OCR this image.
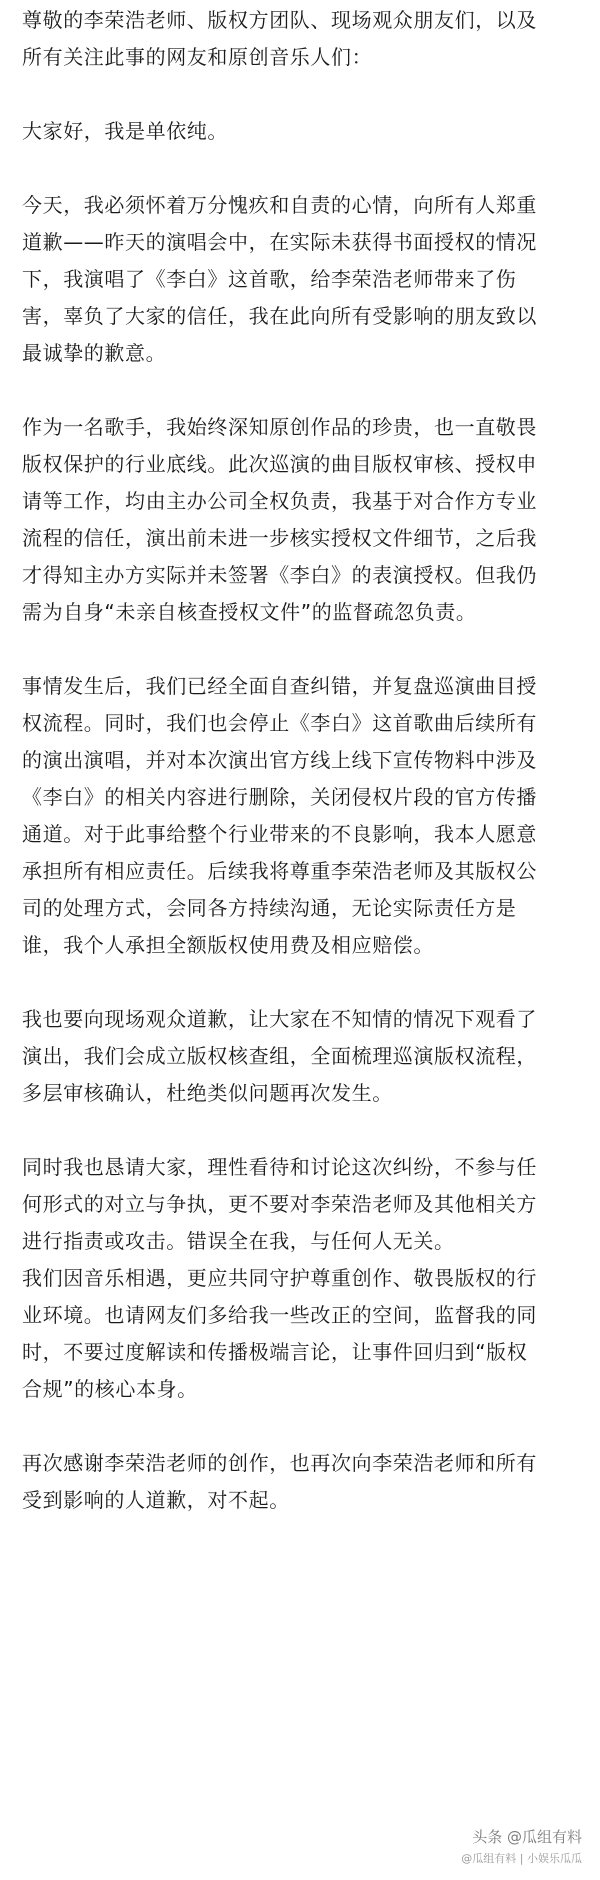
尊敬的李荣浩老师、版权方团队、现场观众朋友们，以及
所有关注此事的网友和原创音乐人们：
大家好，我是单依纯。
今天，我必须怀着万分愧疚和自责的心情，向所有人郑重
道歉——昨天的演唱会中，在实际未获得书面授权的情况
下，我演唱了《李白》这首歌，给李荣浩老师带来了伤
害，辜负了大家的信任，我在此向所有受影响的朋友致以
最诚挚的歉意。
作为一名歌手，我始终深知原创作品的珍贵，也一直敬畏
版权保护的行业底线。此次巡演的曲目版权审核、授权申
请等工作，均由主办公司全权负责，我基于对合作方专业
流程的信任，演出前未进一步核实授权文件细节，之后我
才得知主办方实际并未签署《李白》的表演授权。但我仍
需为自身“未亲自核查授权文件”的监督疏忽负责。
事情发生后，我们已经全面自查纠错，并复盘巡演曲目授
权流程。同时，我们也会停止《李白》这首歌曲后续所有
的演出演唱，并对本次演出官方线上线下宣传物料中涉及
《李白》的相关内容进行删除，关闭侵权片段的官方传播
通道。对于此事给整个行业带来的不良影响，我本人愿意
承担所有相应责任。后续我将尊重李荣浩老师及其版权公
司的处理方式，会同各方持续沟通，无论实际责任方是
谁，我个人承担全额版权使用费及相应赔偿。
我也要向现场观众道歉，让大家在不知情的情况下观看了
演出，我们会成立版权核查组，全面梳理巡演版权流程，
多层审核确认，杜绝类似问题再次发生。
同时我也恳请大家，理性看待和讨论这次纠纷，不参与任
何形式的对立与争执，更不要对李荣浩老师及其他相关方
进行指责或攻击。错误全在我，与任何人无关。
我们因音乐相遇，更应共同守护尊重创作、敬畏版权的行
业环境。也请网友们多给我一些改正的空间，监督我的同
时，不要过度解读和传播极端言论，让事件回归到“版权
合规”的核心本身。
再次感谢李荣浩老师的创作，也再次向李荣浩老师和所有
受到影响的人道歉，对不起。
头条 @瓜组有料
@瓜组有料 | 小娱乐瓜瓜
